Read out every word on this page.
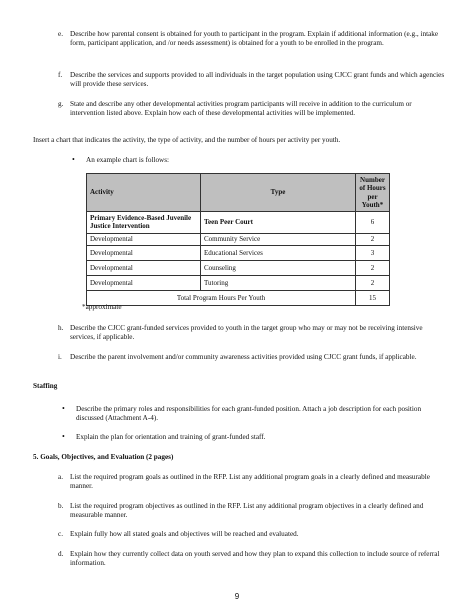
e. Describe how parental consent is obtained for youth to participant in the program. Explain if additional information (e.g., intake form, participant application, and /or needs assessment) is obtained for a youth to be enrolled in the program.

f. Describe the services and supports provided to all individuals in the target population using CJCC grant funds and which agencies will provide these services.

g. State and describe any other developmental activities program participants will receive in addition to the curriculum or intervention listed above. Explain how each of these developmental activities will be implemented.

Insert a chart that indicates the activity, the type of activity, and the number of hours per activity per youth.

• An example chart is follows:
Activity	Type	Number of Hours per Youth*
Primary Evidence-Based Juvenile Justice Intervention	Teen Peer Court	6
Developmental	Community Service	2
Developmental	Educational Services	3
Developmental	Counseling	2
Developmental	Tutoring	2
Total Program Hours Per Youth		15

*approximate

h. Describe the CJCC grant-funded services provided to youth in the target group who may or may not be receiving intensive services, if applicable.

i. Describe the parent involvement and/or community awareness activities provided using CJCC grant funds, if applicable.

Staffing

• Describe the primary roles and responsibilities for each grant-funded position. Attach a job description for each position discussed (Attachment A-4).

• Explain the plan for orientation and training of grant-funded staff.

5. Goals, Objectives, and Evaluation (2 pages)

a. List the required program goals as outlined in the RFP. List any additional program goals in a clearly defined and measurable manner.

b. List the required program objectives as outlined in the RFP. List any additional program objectives in a clearly defined and measurable manner.

c. Explain fully how all stated goals and objectives will be reached and evaluated.

d. Explain how they currently collect data on youth served and how they plan to expand this collection to include source of referral information.

9
